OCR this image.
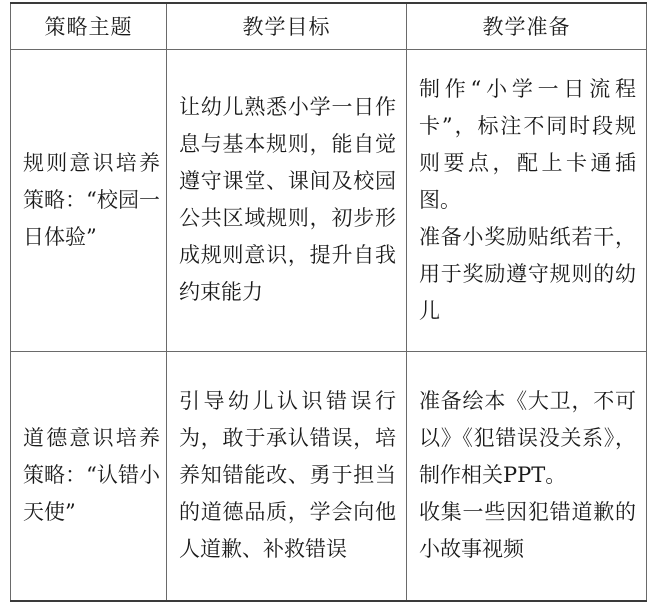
策略主题	教学目标	教学准备
规则意识培养策略：“校园一日体验”	让幼儿熟悉小学一日作息与基本规则，能自觉遵守课堂、课间及校园公共区域规则，初步形成规则意识，提升自我约束能力	制作“小学一日流程卡”，标注不同时段规则要点，配上卡通插图。
准备小奖励贴纸若干，用于奖励遵守规则的幼儿

道德意识培养策略：“认错小天使”	引导幼儿认识错误行为，敢于承认错误，培养知错能改、勇于担当的道德品质，学会向他人道歉、补救错误	准备绘本《大卫，不可以》《犯错误没关系》，制作相关PPT。
收集一些因犯错道歉的小故事视频
